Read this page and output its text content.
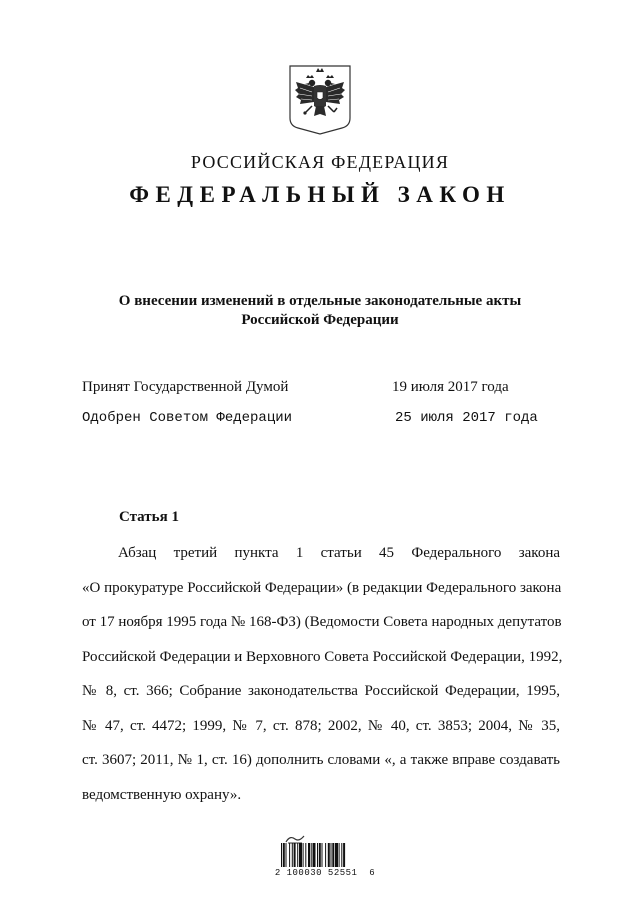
РОССИЙСКАЯ ФЕДЕРАЦИЯ
ФЕДЕРАЛЬНЫЙ ЗАКОН
О внесении изменений в отдельные законодательные акты
Российской Федерации
Принят Государственной Думой	19 июля 2017 года
Одобрен Советом Федерации	25 июля 2017 года
Статья 1
Абзац третий пункта 1 статьи 45 Федерального закона
«О прокуратуре Российской Федерации» (в редакции Федерального закона
от 17 ноября 1995 года № 168-ФЗ) (Ведомости Совета народных депутатов
Российской Федерации и Верховного Совета Российской Федерации, 1992,
№ 8, ст. 366; Собрание законодательства Российской Федерации, 1995,
№ 47, ст. 4472; 1999, № 7, ст. 878; 2002, № 40, ст. 3853; 2004, № 35,
ст. 3607; 2011, № 1, ст. 16) дополнить словами «, а также вправе создавать
ведомственную охрану».
2 100030 52551  6
